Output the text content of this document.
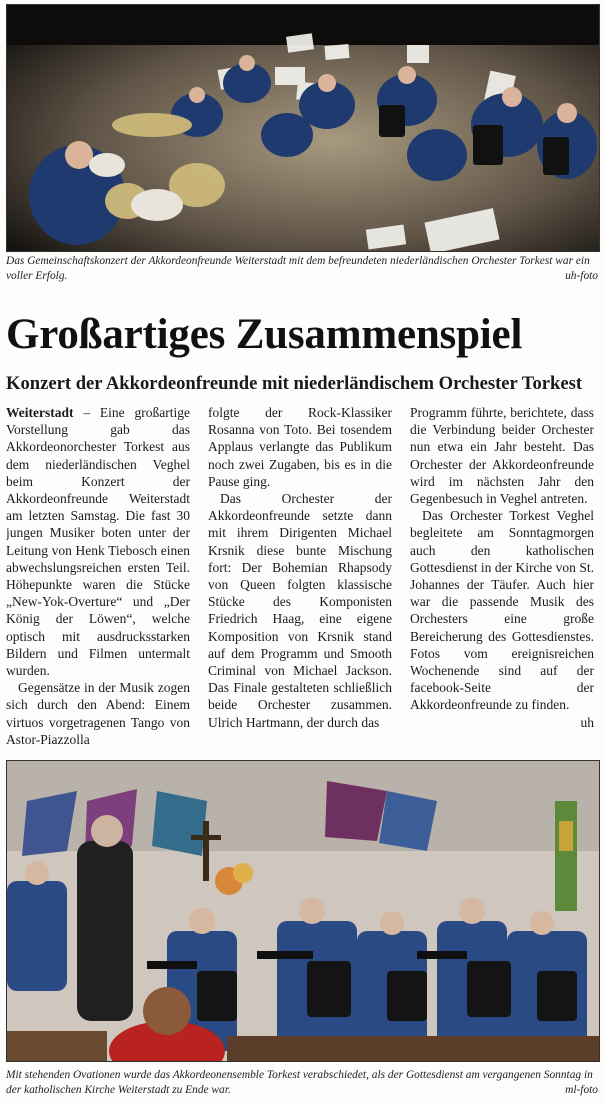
Das Gemeinschaftskonzert der Akkordeonfreunde Weiterstadt mit dem befreundeten niederländischen Orchester Torkest war ein voller Erfolg.	uh-foto
Großartiges Zusammenspiel
Konzert der Akkordeonfreunde mit niederländischem Orchester Torkest

Weiterstadt – Eine großartige Vorstellung gab das Akkordeonorchester Torkest aus dem niederländischen Veghel beim Konzert der Akkordeonfreunde Weiterstadt am letzten Samstag. Die fast 30 jungen Musiker boten unter der Leitung von Henk Tiebosch einen abwechslungsreichen ersten Teil. Höhepunkte waren die Stücke „New-Yok-Overture“ und „Der König der Löwen“, welche optisch mit ausdrucksstarken Bildern und Filmen untermalt wurden.

Gegensätze in der Musik zogen sich durch den Abend: Einem virtuos vorgetragenen Tango von Astor-Piazzolla

folgte der Rock-Klassiker Rosanna von Toto. Bei tosendem Applaus verlangte das Publikum noch zwei Zugaben, bis es in die Pause ging.

Das Orchester der Akkordeonfreunde setzte dann mit ihrem Dirigenten Michael Krsnik diese bunte Mischung fort: Der Bohemian Rhapsody von Queen folgten klassische Stücke des Komponisten Friedrich Haag, eine eigene Komposition von Krsnik stand auf dem Programm und Smooth Criminal von Michael Jackson. Das Finale gestalteten schließlich beide Orchester zusammen. Ulrich Hartmann, der durch das

Programm führte, berichtete, dass die Verbindung beider Orchester nun etwa ein Jahr besteht. Das Orchester der Akkordeonfreunde wird im nächsten Jahr den Gegenbesuch in Veghel antreten.

Das Orchester Torkest Veghel begleitete am Sonntagmorgen auch den katholischen Gottesdienst in der Kirche von St. Johannes der Täufer. Auch hier war die passende Musik des Orchesters eine große Bereicherung des Gottesdienstes. Fotos vom ereignisreichen Wochenende sind auf der facebook-Seite der Akkordeonfreunde zu finden.
uh

Mit stehenden Ovationen wurde das Akkordeonensemble Torkest verabschiedet, als der Gottesdienst am vergangenen Sonntag in der katholischen Kirche Weiterstadt zu Ende war.	ml-foto
